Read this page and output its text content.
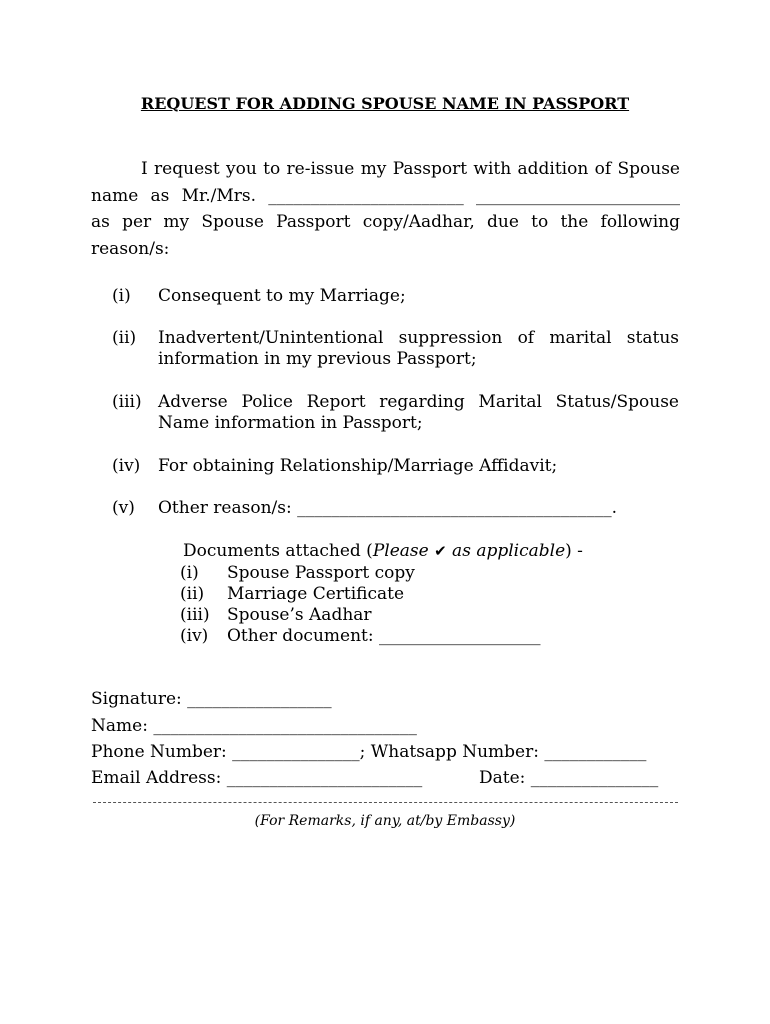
REQUEST FOR ADDING SPOUSE NAME IN PASSPORT
I request you to re-issue my Passport with addition of Spouse
name as Mr./Mrs. _______________________ ________________________
as per my Spouse Passport copy/Aadhar, due to the following
reason/s:
(i) Consequent to my Marriage;
(ii) Inadvertent/Unintentional suppression of marital status
information in my previous Passport;
(iii) Adverse Police Report regarding Marital Status/Spouse
Name information in Passport;
(iv) For obtaining Relationship/Marriage Affidavit;
(v) Other reason/s: _____________________________________.
Documents attached (Please ✔ as applicable) -
(i) Spouse Passport copy
(ii) Marriage Certificate
(iii) Spouse’s Aadhar
(iv) Other document: ___________________
Signature: _________________
Name: _______________________________
Phone Number: _______________; Whatsapp Number: ____________
Email Address: _______________________	Date: _______________
(For Remarks, if any, at/by Embassy)
